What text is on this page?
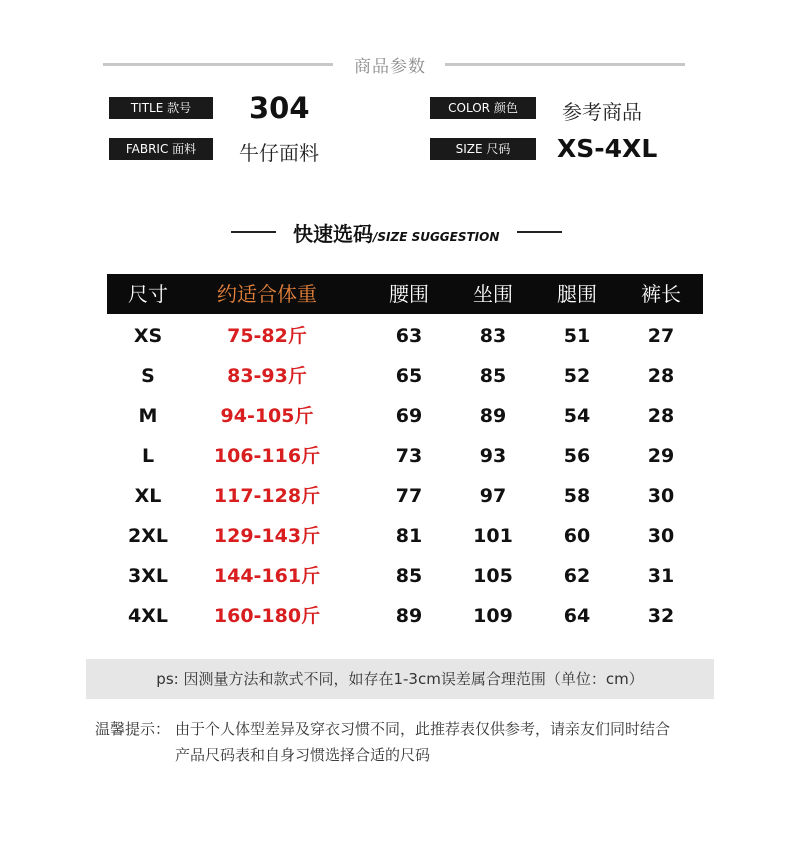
商品参数
TITLE 款号	304	COLOR 颜色	参考商品
FABRIC 面料	牛仔面料	SIZE 尺码	XS-4XL
快速选码/SIZE SUGGESTION
尺寸	约适合体重	腰围	坐围	腿围	裤长
XS	75-82斤	63	83	51	27
S	83-93斤	65	85	52	28
M	94-105斤	69	89	54	28
L	106-116斤	73	93	56	29
XL	117-128斤	77	97	58	30
2XL	129-143斤	81	101	60	30
3XL	144-161斤	85	105	62	31
4XL	160-180斤	89	109	64	32
ps: 因测量方法和款式不同，如存在1-3cm误差属合理范围（单位：cm）
温馨提示： 由于个人体型差异及穿衣习惯不同，此推荐表仅供参考，请亲友们同时结合
产品尺码表和自身习惯选择合适的尺码
